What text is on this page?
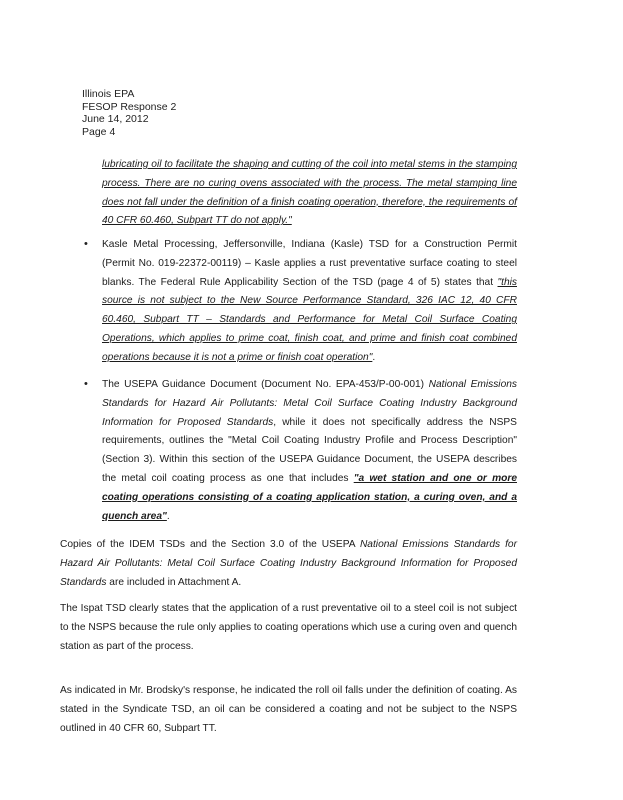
Illinois EPA
FESOP Response 2
June 14, 2012
Page 4
lubricating oil to facilitate the shaping and cutting of the coil into metal stems in the stamping process. There are no curing ovens associated with the process. The metal stamping line does not fall under the definition of a finish coating operation, therefore, the requirements of 40 CFR 60.460, Subpart TT do not apply."
• Kasle Metal Processing, Jeffersonville, Indiana (Kasle) TSD for a Construction Permit (Permit No. 019-22372-00119) – Kasle applies a rust preventative surface coating to steel blanks. The Federal Rule Applicability Section of the TSD (page 4 of 5) states that "this source is not subject to the New Source Performance Standard, 326 IAC 12, 40 CFR 60.460, Subpart TT – Standards and Performance for Metal Coil Surface Coating Operations, which applies to prime coat, finish coat, and prime and finish coat combined operations because it is not a prime or finish coat operation".
• The USEPA Guidance Document (Document No. EPA-453/P-00-001) National Emissions Standards for Hazard Air Pollutants: Metal Coil Surface Coating Industry Background Information for Proposed Standards, while it does not specifically address the NSPS requirements, outlines the "Metal Coil Coating Industry Profile and Process Description" (Section 3). Within this section of the USEPA Guidance Document, the USEPA describes the metal coil coating process as one that includes "a wet station and one or more coating operations consisting of a coating application station, a curing oven, and a quench area".
Copies of the IDEM TSDs and the Section 3.0 of the USEPA National Emissions Standards for Hazard Air Pollutants: Metal Coil Surface Coating Industry Background Information for Proposed Standards are included in Attachment A.
The Ispat TSD clearly states that the application of a rust preventative oil to a steel coil is not subject to the NSPS because the rule only applies to coating operations which use a curing oven and quench station as part of the process.
As indicated in Mr. Brodsky's response, he indicated the roll oil falls under the definition of coating. As stated in the Syndicate TSD, an oil can be considered a coating and not be subject to the NSPS outlined in 40 CFR 60, Subpart TT.
